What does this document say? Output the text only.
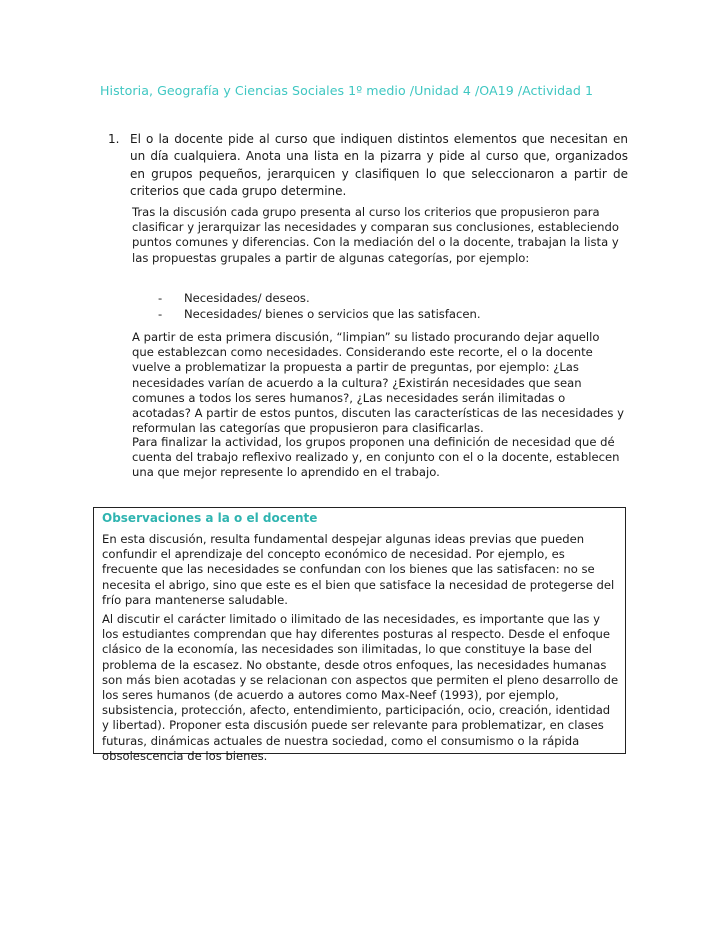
Historia, Geografía y Ciencias Sociales 1º medio /Unidad 4 /OA19 /Actividad 1
1. El o la docente pide al curso que indiquen distintos elementos que necesitan en un día cualquiera. Anota una lista en la pizarra y pide al curso que, organizados en grupos pequeños, jerarquicen y clasifiquen lo que seleccionaron a partir de criterios que cada grupo determine.

Tras la discusión cada grupo presenta al curso los criterios que propusieron para clasificar y jerarquizar las necesidades y comparan sus conclusiones, estableciendo puntos comunes y diferencias. Con la mediación del o la docente, trabajan la lista y las propuestas grupales a partir de algunas categorías, por ejemplo:

-	Necesidades/ deseos.
-	Necesidades/ bienes o servicios que las satisfacen.

A partir de esta primera discusión, “limpian” su listado procurando dejar aquello que establezcan como necesidades. Considerando este recorte, el o la docente vuelve a problematizar la propuesta a partir de preguntas, por ejemplo: ¿Las necesidades varían de acuerdo a la cultura? ¿Existirán necesidades que sean comunes a todos los seres humanos?, ¿Las necesidades serán ilimitadas o acotadas? A partir de estos puntos, discuten las características de las necesidades y reformulan las categorías que propusieron para clasificarlas.

Para finalizar la actividad, los grupos proponen una definición de necesidad que dé cuenta del trabajo reflexivo realizado y, en conjunto con el o la docente, establecen una que mejor represente lo aprendido en el trabajo.

Observaciones a la o el docente

En esta discusión, resulta fundamental despejar algunas ideas previas que pueden confundir el aprendizaje del concepto económico de necesidad. Por ejemplo, es frecuente que las necesidades se confundan con los bienes que las satisfacen: no se necesita el abrigo, sino que este es el bien que satisface la necesidad de protegerse del frío para mantenerse saludable.

Al discutir el carácter limitado o ilimitado de las necesidades, es importante que las y los estudiantes comprendan que hay diferentes posturas al respecto. Desde el enfoque clásico de la economía, las necesidades son ilimitadas, lo que constituye la base del problema de la escasez. No obstante, desde otros enfoques, las necesidades humanas son más bien acotadas y se relacionan con aspectos que permiten el pleno desarrollo de los seres humanos (de acuerdo a autores como Max-Neef (1993), por ejemplo, subsistencia, protección, afecto, entendimiento, participación, ocio, creación, identidad y libertad). Proponer esta discusión puede ser relevante para problematizar, en clases futuras, dinámicas actuales de nuestra sociedad, como el consumismo o la rápida obsolescencia de los bienes.
